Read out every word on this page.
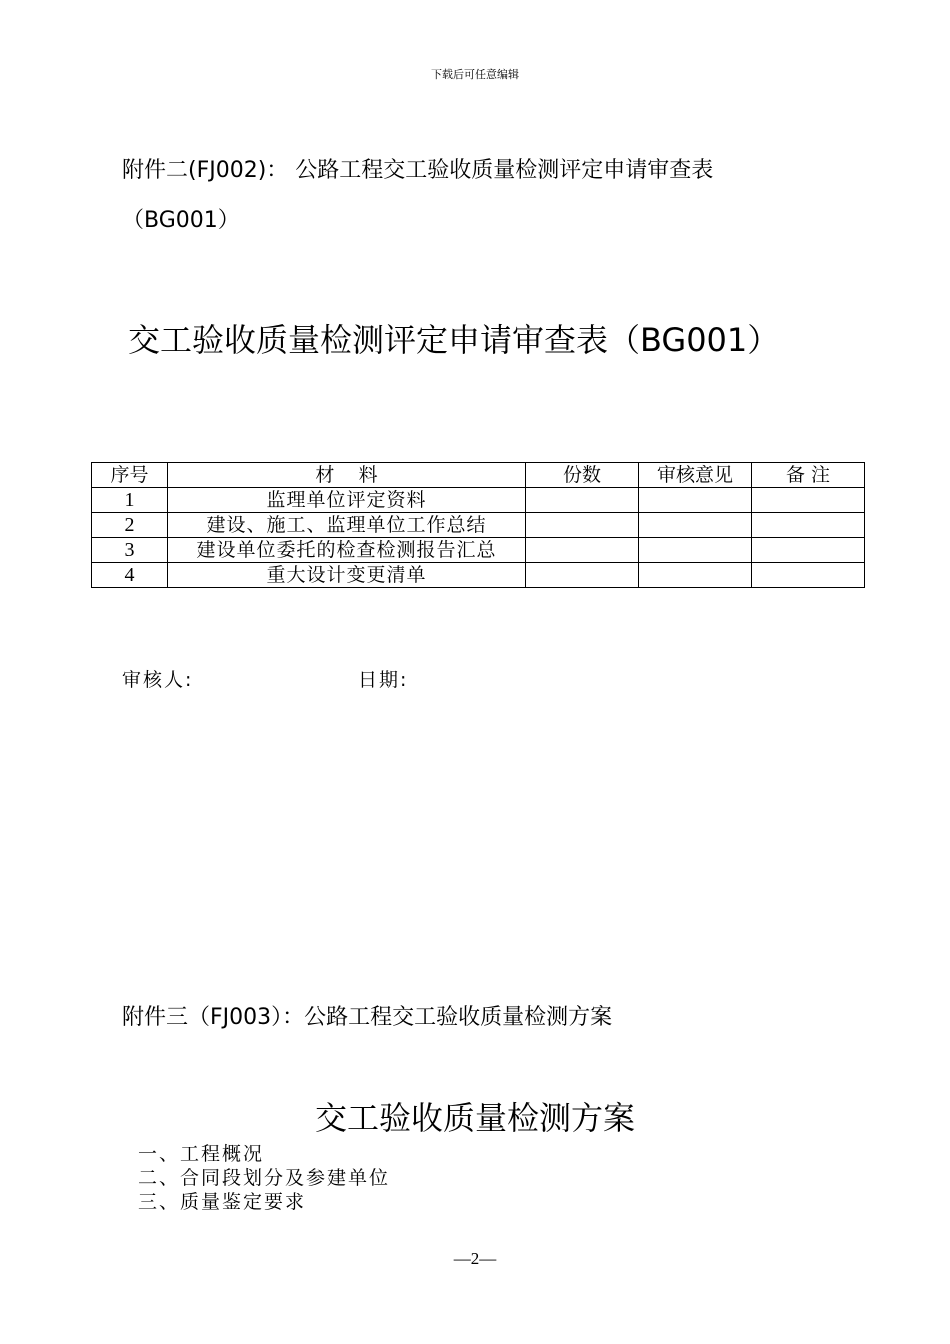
下载后可任意编辑
附件二(FJ002)： 公路工程交工验收质量检测评定申请审查表
（BG001）
交工验收质量检测评定申请审查表（BG001）
序号	材    料	份数	审核意见	备 注
1	监理单位评定资料			
2	建设、施工、监理单位工作总结			
3	建设单位委托的检查检测报告汇总			
4	重大设计变更清单			
审核人:	日期:
附件三（FJ003）：公路工程交工验收质量检测方案
交工验收质量检测方案
一、工程概况
二、合同段划分及参建单位
三、质量鉴定要求
—2—
